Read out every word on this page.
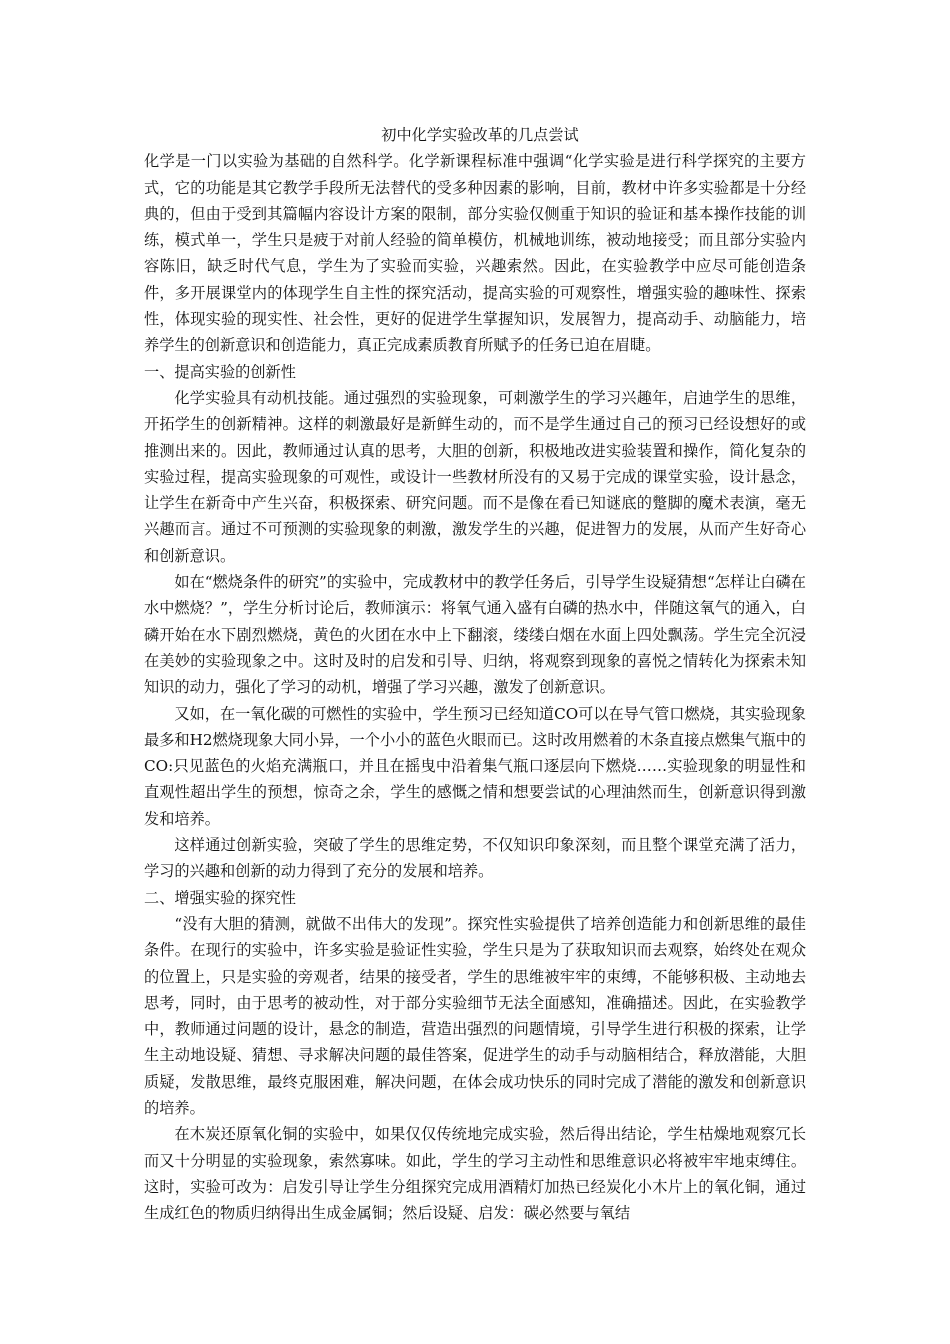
初中化学实验改革的几点尝试

化学是一门以实验为基础的自然科学。化学新课程标准中强调“化学实验是进行科学探究的主要方式，它的功能是其它教学手段所无法替代的受多种因素的影响，目前，教材中许多实验都是十分经典的，但由于受到其篇幅内容设计方案的限制，部分实验仅侧重于知识的验证和基本操作技能的训练，模式单一，学生只是疲于对前人经验的简单模仿，机械地训练，被动地接受；而且部分实验内容陈旧，缺乏时代气息，学生为了实验而实验，兴趣索然。因此，在实验教学中应尽可能创造条件，多开展课堂内的体现学生自主性的探究活动，提高实验的可观察性，增强实验的趣味性、探索性，体现实验的现实性、社会性，更好的促进学生掌握知识，发展智力，提高动手、动脑能力，培养学生的创新意识和创造能力，真正完成素质教育所赋予的任务已迫在眉睫。

一、提高实验的创新性

化学实验具有动机技能。通过强烈的实验现象，可刺激学生的学习兴趣年，启迪学生的思维，开拓学生的创新精神。这样的刺激最好是新鲜生动的，而不是学生通过自己的预习已经设想好的或推测出来的。因此，教师通过认真的思考，大胆的创新，积极地改进实验装置和操作，简化复杂的实验过程，提高实验现象的可观性，或设计一些教材所没有的又易于完成的课堂实验，设计悬念，让学生在新奇中产生兴奋，积极探索、研究问题。而不是像在看已知谜底的蹩脚的魔术表演，毫无兴趣而言。通过不可预测的实验现象的刺激，激发学生的兴趣，促进智力的发展，从而产生好奇心和创新意识。

如在“燃烧条件的研究”的实验中，完成教材中的教学任务后，引导学生设疑猜想“怎样让白磷在水中燃烧？”，学生分析讨论后，教师演示：将氧气通入盛有白磷的热水中，伴随这氧气的通入，白磷开始在水下剧烈燃烧，黄色的火团在水中上下翻滚，缕缕白烟在水面上四处飘荡。学生完全沉浸在美妙的实验现象之中。这时及时的启发和引导、归纳，将观察到现象的喜悦之情转化为探索未知知识的动力，强化了学习的动机，增强了学习兴趣，激发了创新意识。

又如，在一氧化碳的可燃性的实验中，学生预习已经知道CO可以在导气管口燃烧，其实验现象最多和H2燃烧现象大同小异，一个小小的蓝色火眼而已。这时改用燃着的木条直接点燃集气瓶中的CO:只见蓝色的火焰充满瓶口，并且在摇曳中沿着集气瓶口逐层向下燃烧……实验现象的明显性和直观性超出学生的预想，惊奇之余，学生的感慨之情和想要尝试的心理油然而生，创新意识得到激发和培养。

这样通过创新实验，突破了学生的思维定势，不仅知识印象深刻，而且整个课堂充满了活力，学习的兴趣和创新的动力得到了充分的发展和培养。

二、增强实验的探究性

“没有大胆的猜测，就做不出伟大的发现”。探究性实验提供了培养创造能力和创新思维的最佳条件。在现行的实验中，许多实验是验证性实验，学生只是为了获取知识而去观察，始终处在观众的位置上，只是实验的旁观者，结果的接受者，学生的思维被牢牢的束缚，不能够积极、主动地去思考，同时，由于思考的被动性，对于部分实验细节无法全面感知，准确描述。因此，在实验教学中，教师通过问题的设计，悬念的制造，营造出强烈的问题情境，引导学生进行积极的探索，让学生主动地设疑、猜想、寻求解决问题的最佳答案，促进学生的动手与动脑相结合，释放潜能，大胆质疑，发散思维，最终克服困难，解决问题，在体会成功快乐的同时完成了潜能的激发和创新意识的培养。

在木炭还原氧化铜的实验中，如果仅仅传统地完成实验，然后得出结论，学生枯燥地观察冗长而又十分明显的实验现象，索然寡味。如此，学生的学习主动性和思维意识必将被牢牢地束缚住。这时，实验可改为：启发引导让学生分组探究完成用酒精灯加热已经炭化小木片上的氧化铜，通过生成红色的物质归纳得出生成金属铜；然后设疑、启发：碳必然要与氧结
